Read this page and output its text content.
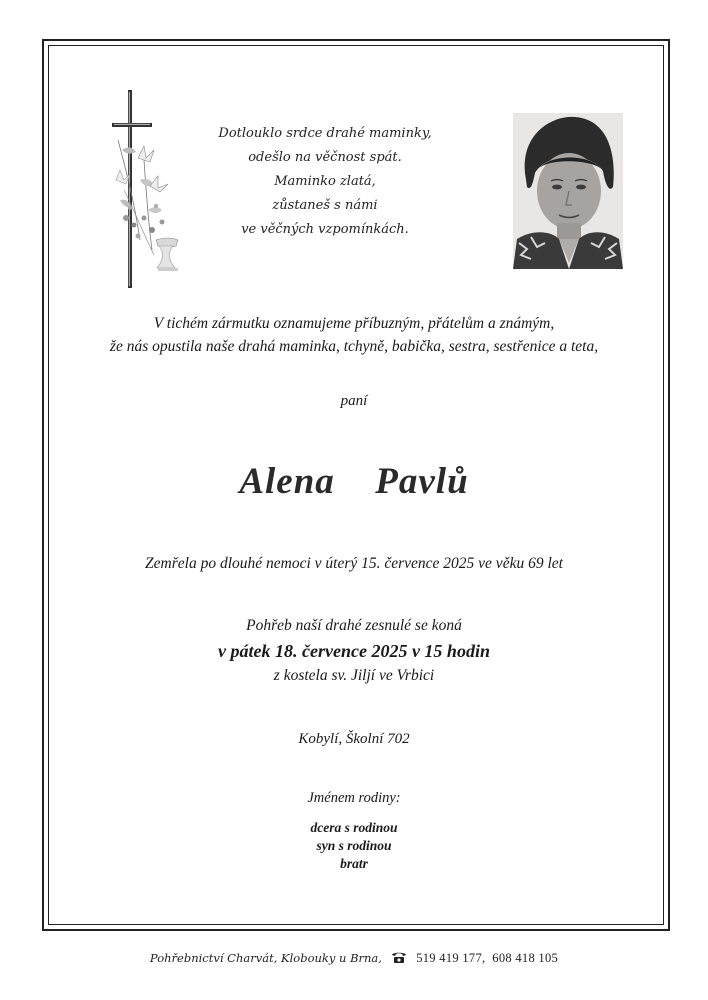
Dotlouklo srdce drahé maminky,
odešlo na věčnost spát.
Maminko zlatá,
zůstaneš s námi
ve věčných vzpomínkách.
V tichém zármutku oznamujeme příbuzným, přátelům a známým,
že nás opustila naše drahá maminka, tchyně, babička, sestra, sestřenice a teta,
paní
Alena  Pavlů
Zemřela po dlouhé nemoci v úterý 15. července 2025 ve věku 69 let
Pohřeb naší drahé zesnulé se koná
v pátek 18. července 2025 v 15 hodin
z kostela sv. Jiljí ve Vrbici
Kobylí, Školní 702
Jménem rodiny:
dcera s rodinou
syn s rodinou
bratr
Pohřebnictví Charvát, Klobouky u Brna,	519 419 177,  608 418 105
